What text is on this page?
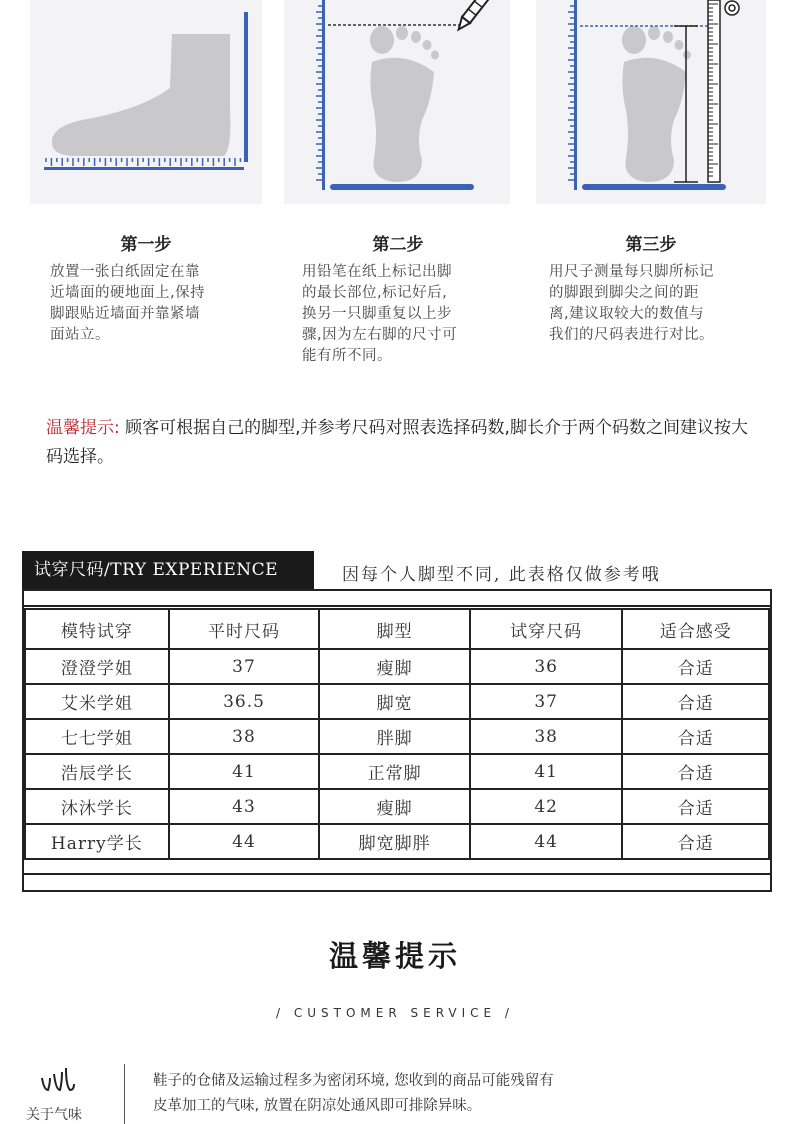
第一步
放置一张白纸固定在靠
近墙面的硬地面上,保持
脚跟贴近墙面并靠紧墙
面站立。
第二步
用铅笔在纸上标记出脚
的最长部位,标记好后,
换另一只脚重复以上步
骤,因为左右脚的尺寸可
能有所不同。
第三步
用尺子测量每只脚所标记
的脚跟到脚尖之间的距
离,建议取较大的数值与
我们的尺码表进行对比。
温馨提示: 顾客可根据自己的脚型,并参考尺码对照表选择码数,脚长介于两个码数之间建议按大码选择。
试穿尺码/TRY EXPERIENCE	因每个人脚型不同, 此表格仅做参考哦
模特试穿	平时尺码	脚型	试穿尺码	适合感受
澄澄学姐	37	瘦脚	36	合适
艾米学姐	36.5	脚宽	37	合适
七七学姐	38	胖脚	38	合适
浩辰学长	41	正常脚	41	合适
沐沐学长	43	瘦脚	42	合适
Harry学长	44	脚宽脚胖	44	合适
温馨提示
/ CUSTOMER SERVICE /
关于气味
鞋子的仓储及运输过程多为密闭环境, 您收到的商品可能残留有
皮革加工的气味, 放置在阴凉处通风即可排除异味。
